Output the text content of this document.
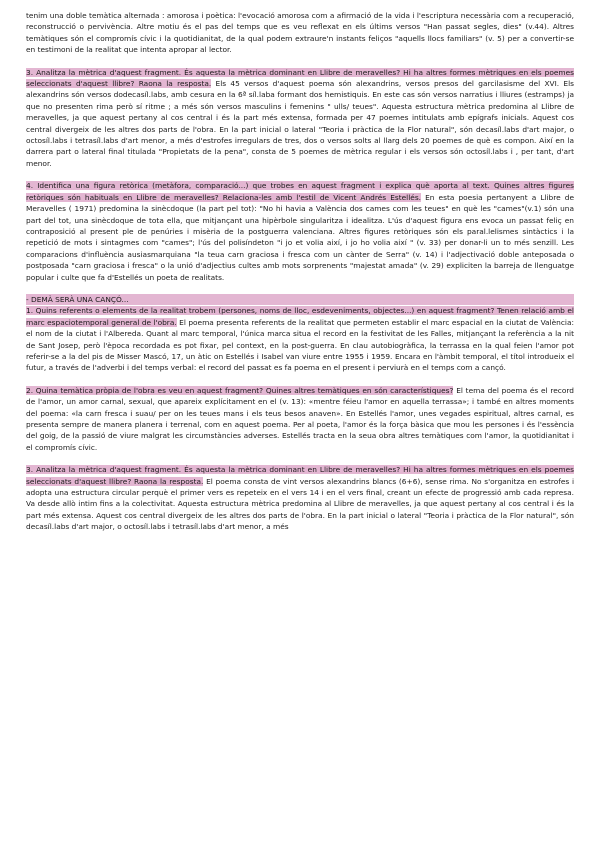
tenim una doble temàtica alternada : amorosa i poètica: l'evocació amorosa com a afirmació de la vida i l'escriptura necessària com a recuperació, reconstrucció o pervivència. Altre motiu és el pas del temps que es veu reflexat en els últims versos "Han passat segles, dies" (v.44). Altres temàtiques són el compromís cívic i la quotidianitat, de la qual podem extraure'n instants feliços "aquells llocs familiars" (v. 5) per a convertir-se en testimoni de la realitat que intenta apropar al lector.

3. Analitza la mètrica d'aquest fragment. És aquesta la mètrica dominant en Llibre de meravelles? Hi ha altres formes mètriques en els poemes seleccionats d'aquest llibre? Raona la resposta. Els 45 versos d'aquest poema són alexandrins, versos presos del garcilasisme del XVI. Els alexandrins són versos dodecasíl.labs, amb cesura en la 6ª síl.laba formant dos hemistiquis. En este cas són versos narratius i lliures (estramps) ja que no presenten rima però sí ritme ; a més són versos masculins i femenins " ulls/ teues". Aquesta estructura mètrica predomina al Llibre de meravelles, ja que aquest pertany al cos central i és la part més extensa, formada per 47 poemes intitulats amb epígrafs inicials. Aquest cos central divergeix de les altres dos parts de l'obra. En la part inicial o lateral "Teoria i pràctica de la Flor natural", són decasíl.labs d'art major, o octosíl.labs i tetrasíl.labs d'art menor, a més d'estrofes irregulars de tres, dos o versos solts al llarg dels 20 poemes de què es compon. Així en la darrera part o lateral final titulada "Propietats de la pena", consta de 5 poemes de mètrica regular i els versos són octosíl.labs i , per tant, d'art menor.

4. Identifica una figura retòrica (metàfora, comparació...) que trobes en aquest fragment i explica què aporta al text. Quines altres figures retòriques són habituals en Llibre de meravelles? Relaciona-les amb l'estil de Vicent Andrés Estellés. En esta poesia pertanyent a Llibre de Meravelles ( 1971) predomina la sinècdoque (la part pel tot): "No hi havia a València dos cames com les teues" en què les "cames"(v.1) són una part del tot, una sinècdoque de tota ella, que mitjançant una hipèrbole singularitza i idealitza. L'ús d'aquest figura ens evoca un passat feliç en contraposició al present ple de penúries i misèria de la postguerra valenciana. Altres figures retòriques són els paral.lelismes sintàctics i la repetició de mots i sintagmes com "cames"; l'ús del polisíndeton "i jo et volia així, i jo ho volia així " (v. 33) per donar-li un to més senzill. Les comparacions d'influència ausiasmarquiana "la teua carn graciosa i fresca com un cànter de Serra" (v. 14) i l'adjectivació doble anteposada o postposada "carn graciosa i fresca" o la unió d'adjectius cultes amb mots sorprenents "majestat amada" (v. 29) expliciten la barreja de llenguatge popular i culte que fa d'Estellés un poeta de realitats.

- DEMÀ SERÀ UNA CANÇÓ...
1. Quins referents o elements de la realitat trobem (persones, noms de lloc, esdeveniments, objectes...) en aquest fragment? Tenen relació amb el marc espaciotemporal general de l'obra. El poema presenta referents de la realitat que permeten establir el marc espacial en la ciutat de València: el nom de la ciutat i l'Albereda. Quant al marc temporal, l'única marca situa el record en la festivitat de les Falles, mitjançant la referència a la nit de Sant Josep, però l'època recordada es pot fixar, pel context, en la post-guerra. En clau autobiogràfica, la terrassa en la qual feien l'amor pot referir-se a la del pis de Misser Mascó, 17, un àtic on Estellés i Isabel van viure entre 1955 i 1959. Encara en l'àmbit temporal, el títol introdueix el futur, a través de l'adverbi i del temps verbal: el record del passat es fa poema en el present i perviurà en el temps com a cançó.

2. Quina temàtica pròpia de l'obra es veu en aquest fragment? Quines altres temàtiques en són característiques? El tema del poema és el record de l'amor, un amor carnal, sexual, que apareix explícitament en el (v. 13): «mentre féieu l'amor en aquella terrassa»; i també en altres moments del poema: «la carn fresca i suau/ per on les teues mans i els teus besos anaven». En Estellés l'amor, unes vegades espiritual, altres carnal, es presenta sempre de manera planera i terrenal, com en aquest poema. Per al poeta, l'amor és la força bàsica que mou les persones i és l'essència del goig, de la passió de viure malgrat les circumstàncies adverses. Estellés tracta en la seua obra altres temàtiques com l'amor, la quotidianitat i el compromís cívic.

3. Analitza la mètrica d'aquest fragment. És aquesta la mètrica dominant en Llibre de meravelles? Hi ha altres formes mètriques en els poemes seleccionats d'aquest llibre? Raona la resposta. El poema consta de vint versos alexandrins blancs (6+6), sense rima. No s'organitza en estrofes i adopta una estructura circular perquè el primer vers es repeteix en el vers 14 i en el vers final, creant un efecte de progressió amb cada represa. Va desde allò intim fins a la colectivitat. Aquesta estructura mètrica predomina al Llibre de meravelles, ja que aquest pertany al cos central i és la part més extensa. Aquest cos central divergeix de les altres dos parts de l'obra. En la part inicial o lateral "Teoria i pràctica de la Flor natural", són decasíl.labs d'art major, o octosíl.labs i tetrasíl.labs d'art menor, a més
